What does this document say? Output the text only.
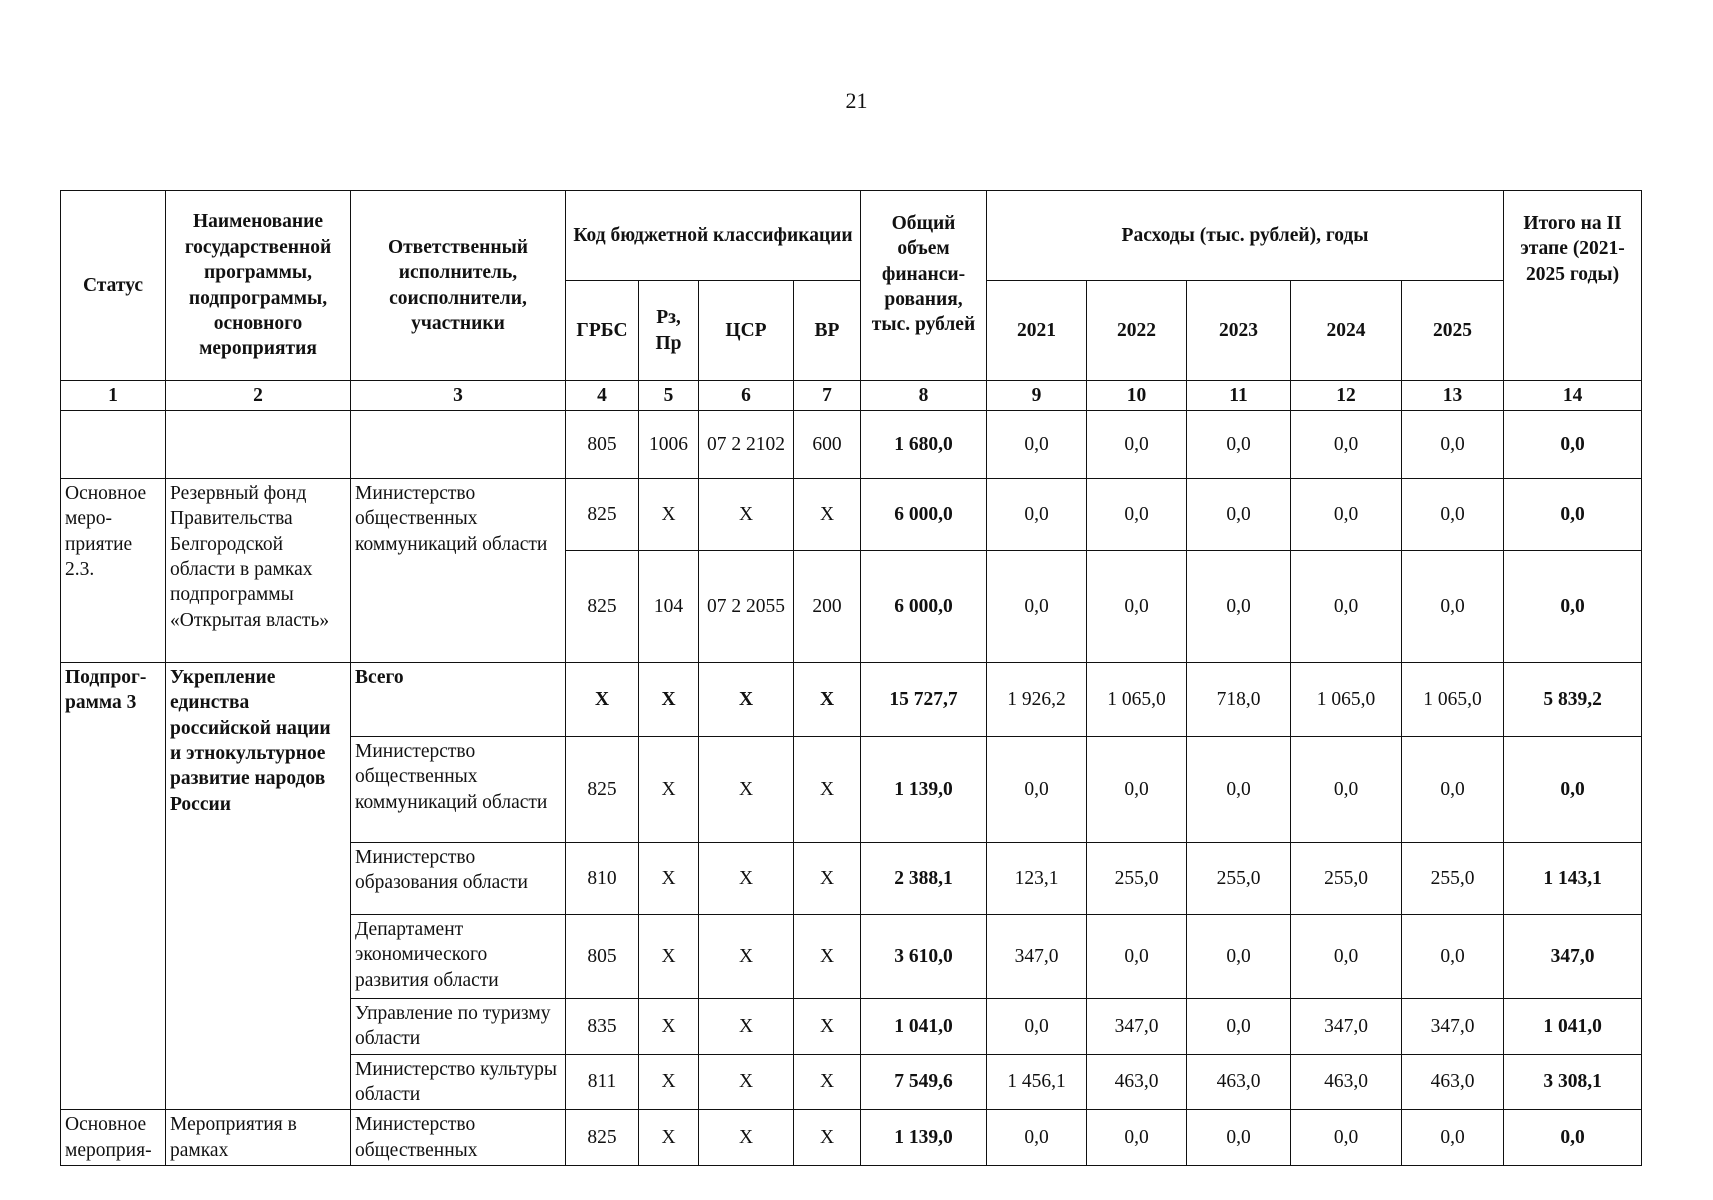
21
Статус	Наименование государственной программы, подпрограммы, основного мероприятия	Ответственный исполнитель, соисполнители, участники	Код бюджетной классификации				Общий объем финанси-рования, тыс. рублей	Расходы (тыс. рублей), годы					Итого на II этапе (2021-2025 годы)
			ГРБС	Рз, Пр	ЦСР	ВР		2021	2022	2023	2024	2025	
1	2	3	4	5	6	7	8	9	10	11	12	13	14
			805	1006	07 2 2102	600	1 680,0	0,0	0,0	0,0	0,0	0,0	0,0
Основное меро-приятие 2.3.	Резервный фонд Правительства Белгородской области в рамках подпрограммы «Открытая власть»	Министерство общественных коммуникаций области	825	Х	Х	Х	6 000,0	0,0	0,0	0,0	0,0	0,0	0,0
			825	104	07 2 2055	200	6 000,0	0,0	0,0	0,0	0,0	0,0	0,0
Подпрог-рамма 3	Укрепление единства российской нации и этнокультурное развитие народов России	Всего	Х	Х	Х	Х	15 727,7	1 926,2	1 065,0	718,0	1 065,0	1 065,0	5 839,2
		Министерство общественных коммуникаций области	825	Х	Х	Х	1 139,0	0,0	0,0	0,0	0,0	0,0	0,0
		Министерство образования области	810	Х	Х	Х	2 388,1	123,1	255,0	255,0	255,0	255,0	1 143,1
		Департамент экономического развития области	805	Х	Х	Х	3 610,0	347,0	0,0	0,0	0,0	0,0	347,0
		Управление по туризму области	835	Х	Х	Х	1 041,0	0,0	347,0	0,0	347,0	347,0	1 041,0
		Министерство культуры области	811	Х	Х	Х	7 549,6	1 456,1	463,0	463,0	463,0	463,0	3 308,1
Основное мероприя-	Мероприятия в рамках	Министерство общественных	825	Х	Х	Х	1 139,0	0,0	0,0	0,0	0,0	0,0	0,0
